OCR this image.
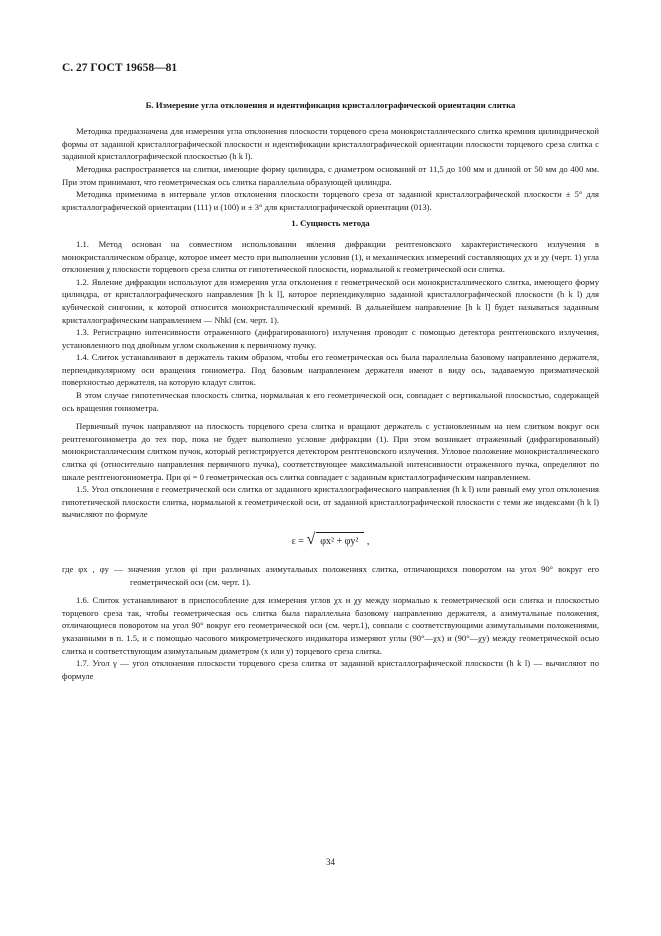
С. 27 ГОСТ 19658—81
Б. Измерение угла отклонения и идентификация кристаллографической ориентации слитка

Методика предназначена для измерения угла отклонения плоскости торцевого среза монокристаллического слитка кремния цилиндрической формы от заданной кристаллографической плоскости и идентификации кристаллографической ориентации плоскости торцевого среза слитка с заданной кристаллографической плоскостью (h k l).

Методика распространяется на слитки, имеющие форму цилиндра, с диаметром оснований от 11,5 до 100 мм и длиной от 50 мм до 400 мм. При этом принимают, что геометрическая ось слитка параллельна образующей цилиндра.

Методика применима в интервале углов отклонения плоскости торцевого среза от заданной кристаллографической плоскости ± 5° для кристаллографической ориентации (111) и (100) и ± 3° для кристаллографической ориентации (013).

1. Сущность метода

1.1. Метод основан на совместном использовании явления дифракции рентгеновского характеристического излучения в монокристаллическом образце, которое имеет место при выполнении условия (1), и механических измерений составляющих χx и χy (черт. 1) угла отклонения χ плоскости торцевого среза слитка от гипотетической плоскости, нормальной к геометрической оси слитка.

1.2. Явление дифракции используют для измерения угла отклонения ε геометрической оси монокристаллического слитка, имеющего форму цилиндра, от кристаллографического направления [h k l], которое перпендикулярно заданной кристаллографической плоскости (h k l) для кубической сингонии, к которой относится монокристаллический кремний. В дальнейшем направление [h k l] будет называться заданным кристаллографическим направлением — Nhkl (см. черт. 1).

1.3. Регистрацию интенсивности отраженного (дифрагированного) излучения проводят с помощью детектора рентгеновского излучения, установленного под двойным углом скольжения к первичному пучку.

1.4. Слиток устанавливают в держатель таким образом, чтобы его геометрическая ось была параллельна базовому направлению держателя, перпендикулярному оси вращения гониометра. Под базовым направлением держателя имеют в виду ось, задаваемую призматической поверхностью держателя, на которую кладут слиток.

В этом случае гипотетическая плоскость слитка, нормальная к его геометрической оси, совпадает с вертикальной плоскостью, содержащей ось вращения гониометра.

Первичный пучок направляют на плоскость торцевого среза слитка и вращают держатель с установленным на нем слитком вокруг оси рентгеногониометра до тех пор, пока не будет выполнено условие дифракции (1). При этом возникает отраженный (дифрагированный) монокристаллическим слитком пучок, который регистрируется детектором рентгеновского излучения. Угловое положение монокристаллического слитка φi (относительно направления первичного пучка), соответствующее максимальной интенсивности отраженного пучка, определяют по шкале рентгеногониометра. При φi = 0 геометрическая ось слитка совпадает с заданным кристаллографическим направлением.

1.5. Угол отклонения ε геометрической оси слитка от заданного кристаллографического направления (h k l) или равный ему угол отклонения гипотетической плоскости слитка, нормальной к геометрической оси, от заданной кристаллографической плоскости с теми же индексами (h k l) вычисляют по формуле

ε = √ φx² + φy² ,
где φx , φy — значения углов φi при различных азимутальных положениях слитка, отличающихся поворотом на угол 90° вокруг его геометрической оси (см. черт. 1).

1.6. Слиток устанавливают в приспособление для измерения углов χx и χy между нормалью к геометрической оси слитка и плоскостью торцевого среза так, чтобы геометрическая ось слитка была параллельна базовому направлению держателя, а азимутальные положения, отличающиеся поворотом на угол 90° вокруг его геометрической оси (см. черт.1), совпали с соответствующими азимутальными положениями, указанными в п. 1.5, и с помощью часового микрометрического индикатора измеряют углы (90°—χx) и (90°—χy) между геометрической осью слитка и соответствующим азимутальным диаметром (x или y) торцевого среза слитка.

1.7. Угол γ — угол отклонения плоскости торцевого среза слитка от заданной кристаллографической плоскости (h k l) — вычисляют по формуле

34
